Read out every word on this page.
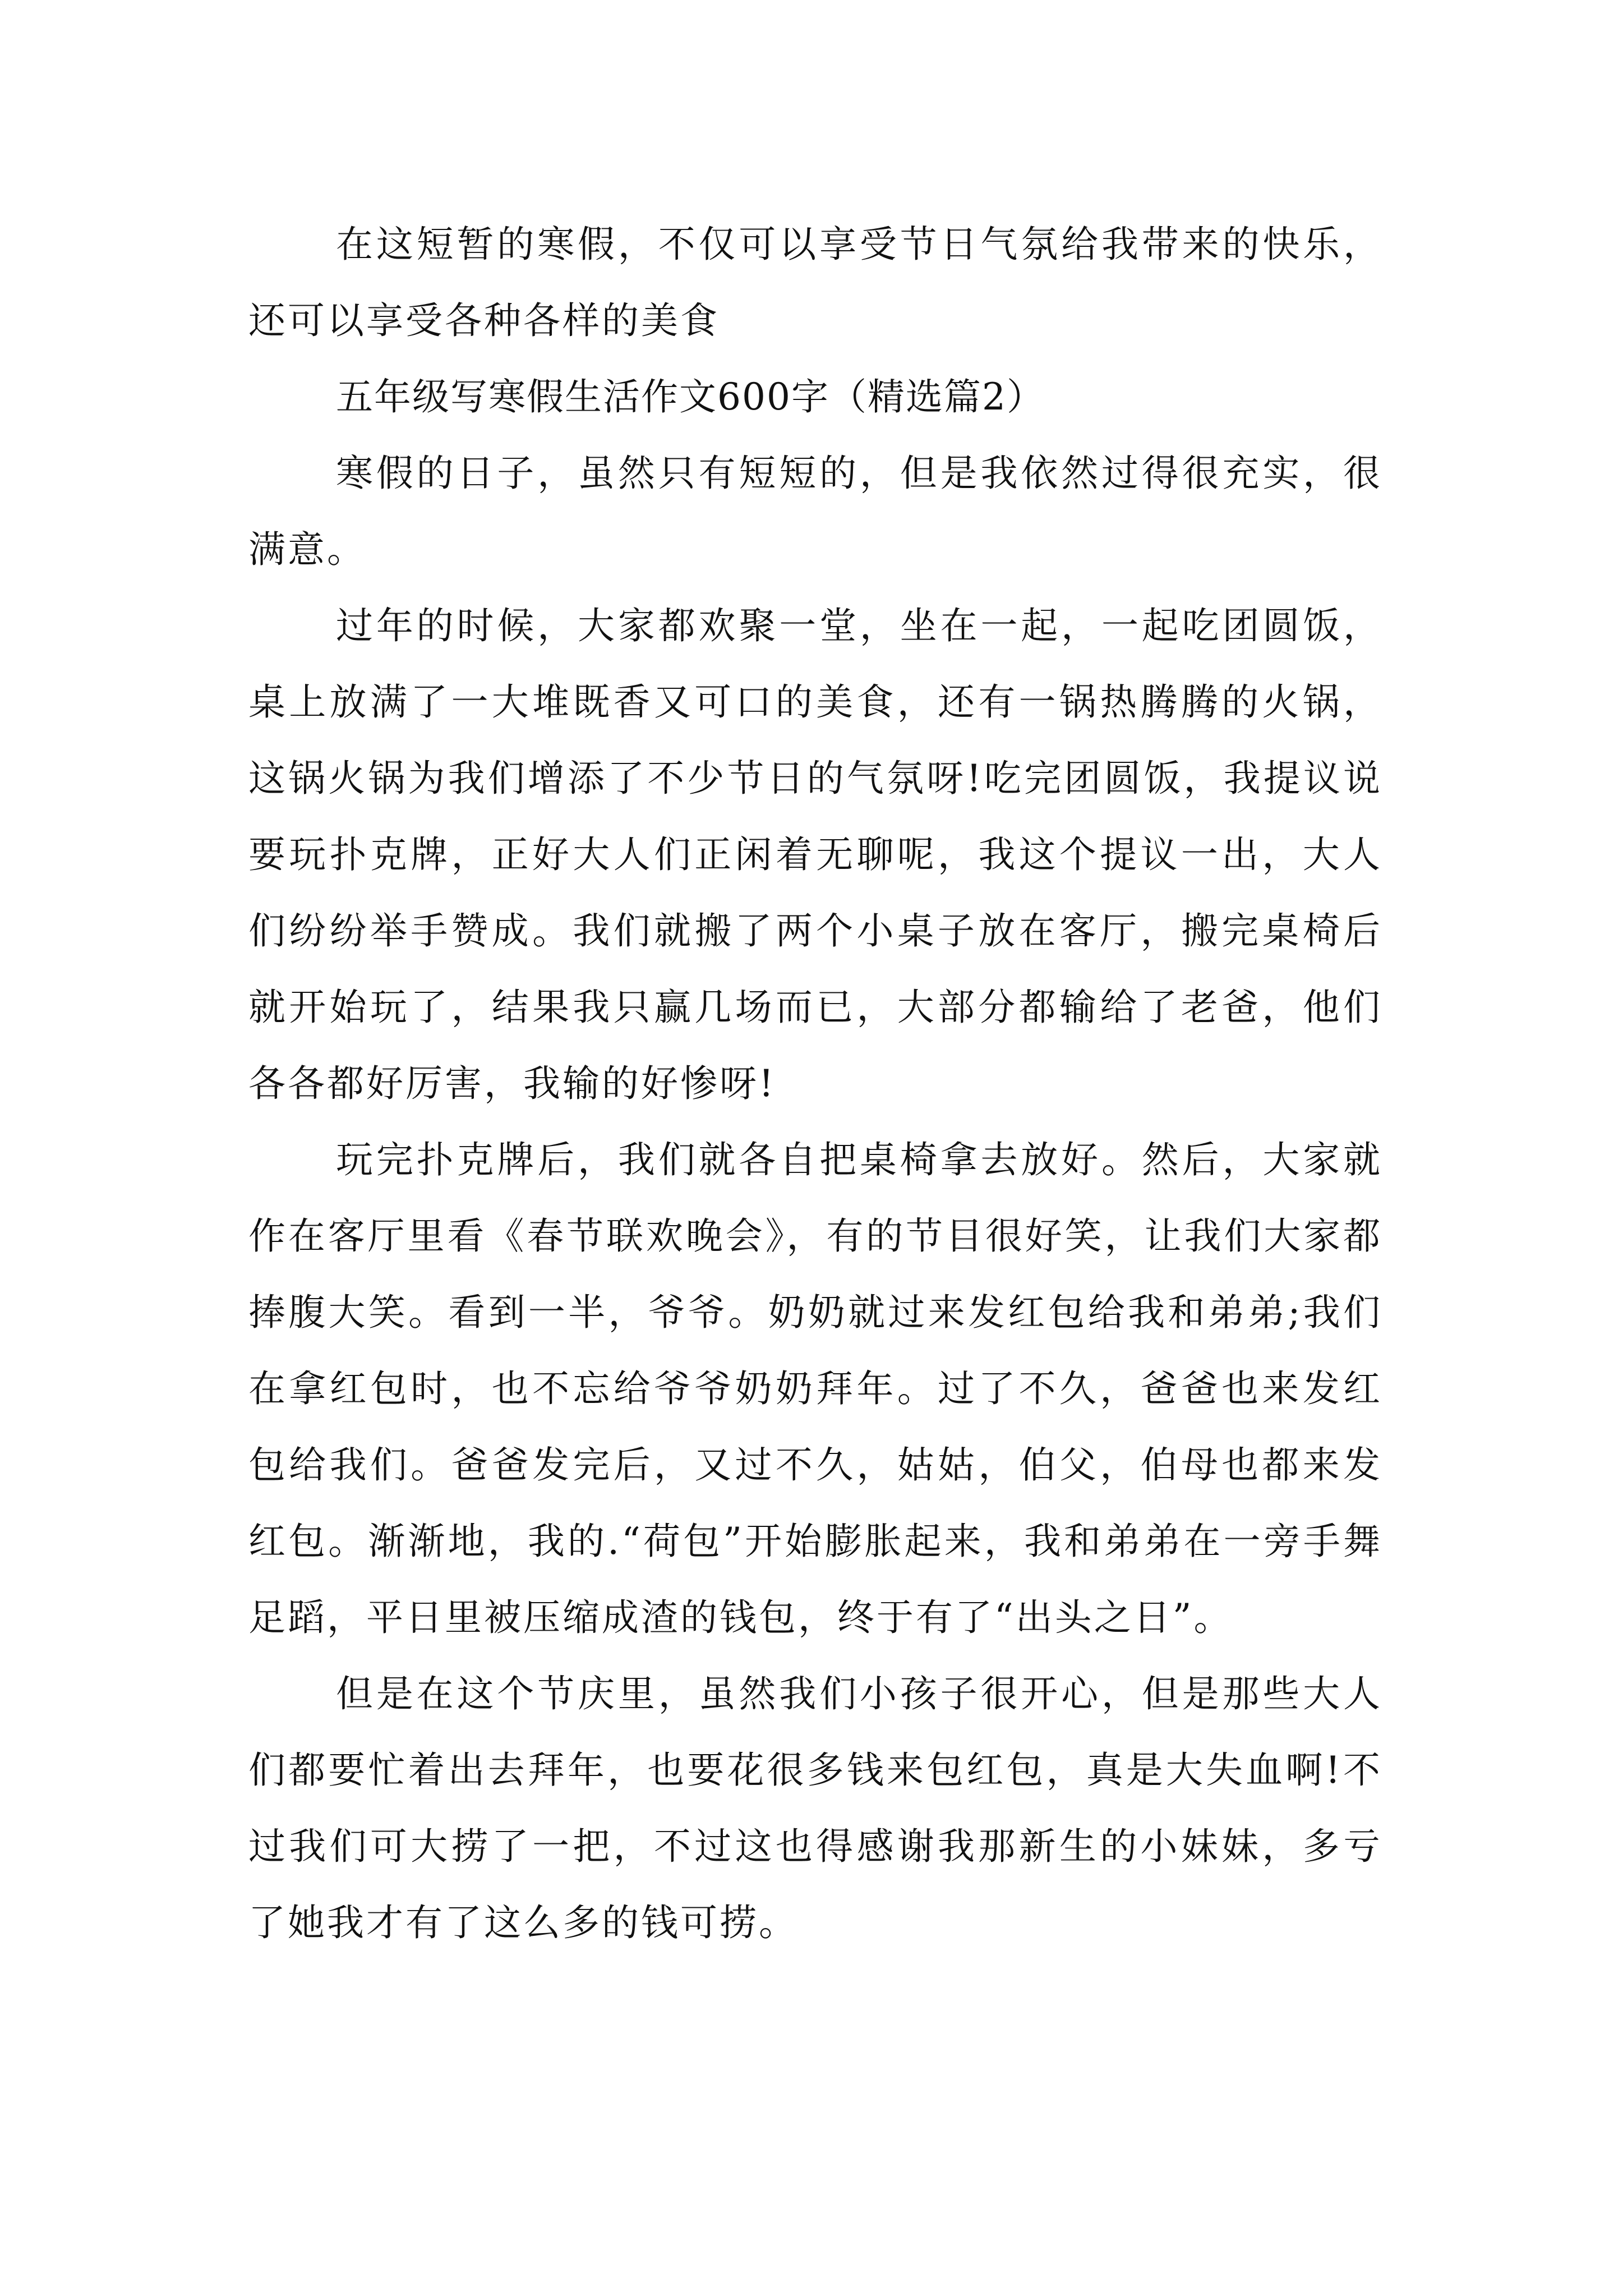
在这短暂的寒假，不仅可以享受节日气氛给我带来的快乐，还可以享受各种各样的美食

五年级写寒假生活作文600字（精选篇2）

寒假的日子，虽然只有短短的，但是我依然过得很充实，很满意。

过年的时候，大家都欢聚一堂，坐在一起，一起吃团圆饭，桌上放满了一大堆既香又可口的美食，还有一锅热腾腾的火锅，这锅火锅为我们增添了不少节日的气氛呀!吃完团圆饭，我提议说要玩扑克牌，正好大人们正闲着无聊呢，我这个提议一出，大人们纷纷举手赞成。我们就搬了两个小桌子放在客厅，搬完桌椅后就开始玩了，结果我只赢几场而已，大部分都输给了老爸，他们各各都好厉害，我输的好惨呀!

玩完扑克牌后，我们就各自把桌椅拿去放好。然后，大家就作在客厅里看《春节联欢晚会》，有的节目很好笑，让我们大家都捧腹大笑。看到一半，爷爷。奶奶就过来发红包给我和弟弟;我们在拿红包时，也不忘给爷爷奶奶拜年。过了不久，爸爸也来发红包给我们。爸爸发完后，又过不久，姑姑，伯父，伯母也都来发红包。渐渐地，我的.“荷包”开始膨胀起来，我和弟弟在一旁手舞足蹈，平日里被压缩成渣的钱包，终于有了“出头之日”。

但是在这个节庆里，虽然我们小孩子很开心，但是那些大人们都要忙着出去拜年，也要花很多钱来包红包，真是大失血啊!不过我们可大捞了一把，不过这也得感谢我那新生的小妹妹，多亏了她我才有了这么多的钱可捞。
